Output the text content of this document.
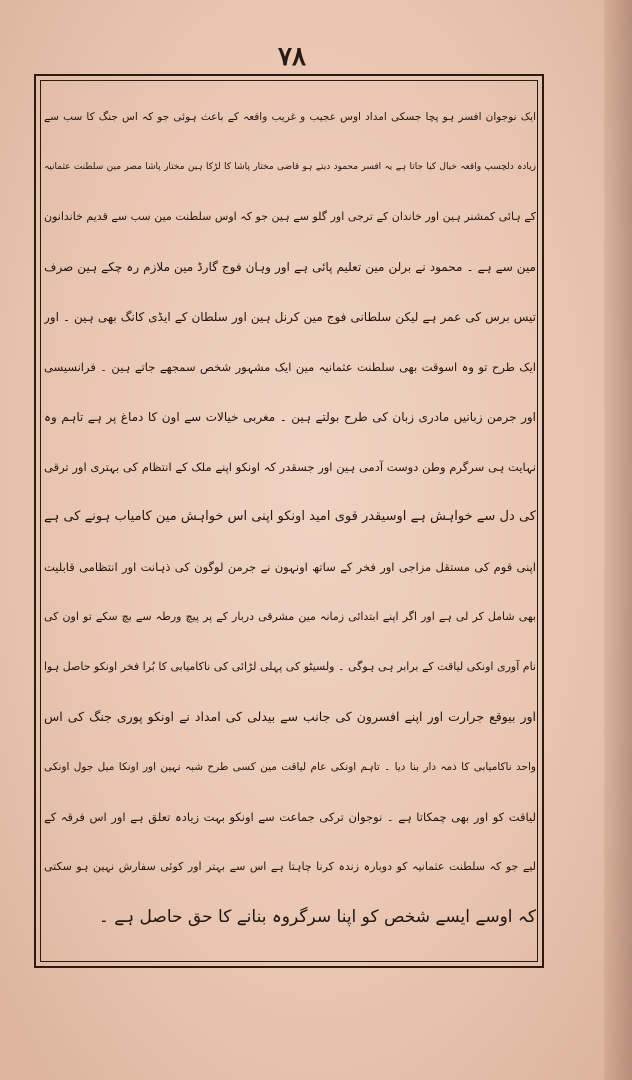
٧٨
ایک نوجوان افسر ہو پچا جسکی امداد اوس عجیب و غریب واقعہ کے باعث ہوئی جو کہ اس جنگ کا سب سے
زیادہ دلچسپ واقعہ خیال کیا جاتا ہے یہ افسر محمود دیتے ہو قاضی مختار پاشا کا لڑکا ہین مختار پاشا مصر مین سلطنت عثمانیہ
کے ہائی کمشنر ہین اور خاندان کے ترجی اور گلو سے ہین جو کہ اوس سلطنت مین سب سے قدیم خاندانون
مین سے ہے ۔ محمود نے برلن مین تعلیم پائی ہے اور وہان فوج گارڈ مین ملازم رہ چکے ہین صرف
تیس برس کی عمر ہے لیکن سلطانی فوج مین کرنل ہین اور سلطان کے ایڈی کانگ بھی ہین ۔ اور
ایک طرح تو وہ اسوقت بھی سلطنت عثمانیہ مین ایک مشہور شخص سمجھے جاتے ہین ۔ فرانسیسی
اور جرمن زبانیں مادری زبان کی طرح بولتے ہین ۔ مغربی خیالات سے اون کا دماغ پر ہے تاہم وہ
نہایت ہی سرگرم وطن دوست آدمی ہین اور جسقدر کہ اونکو اپنے ملک کے انتظام کی بہتری اور ترقی
کی دل سے خواہش ہے اوسیقدر قوی امید اونکو اپنی اس خواہش مین کامیاب ہونے کی ہے
اپنی قوم کی مستقل مزاجی اور فخر کے ساتھ اونہون نے جرمن لوگون کی ذہانت اور انتظامی قابلیت
بھی شامل کر لی ہے اور اگر اپنے ابتدائی زمانہ مین مشرقی دربار کے پر پیچ ورطہ سے بچ سکے تو اون کی
نام آوری اونکی لیاقت کے برابر ہی ہوگی ۔ ولسیٹو کی پہلی لڑائی کی ناکامیابی کا بُرا فخر اونکو حاصل ہوا
اور بیوقع جرارت اور اپنے افسرون کی جانب سے بیدلی کی امداد نے اونکو پوری جنگ کی اس
واحد ناکامیابی کا ذمہ دار بنا دیا ۔ تاہم اونکی عام لیاقت مین کسی طرح شبہ نہین اور اونکا میل جول اونکی
لیاقت کو اور بھی چمکاتا ہے ۔ نوجوان ترکی جماعت سے اونکو بہت زیادہ تعلق ہے اور اس فرقہ کے
لیے جو کہ سلطنت عثمانیہ کو دوبارہ زندہ کرنا چاہتا ہے اس سے بہتر اور کوئی سفارش نہین ہو سکتی
کہ اوسے ایسے شخص کو اپنا سرگروہ بنانے کا حق حاصل ہے ۔
